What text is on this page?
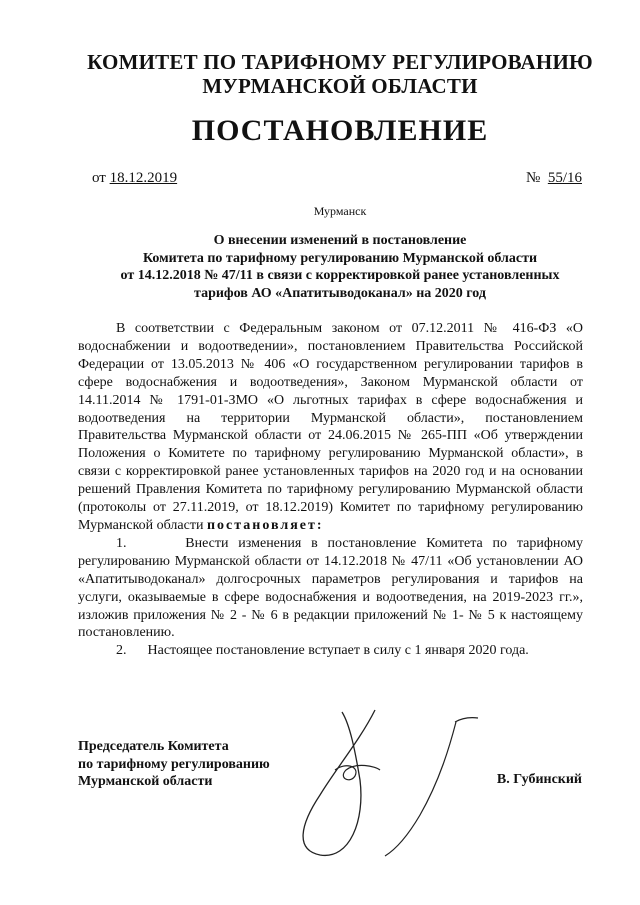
КОМИТЕТ ПО ТАРИФНОМУ РЕГУЛИРОВАНИЮ
МУРМАНСКОЙ ОБЛАСТИ
ПОСТАНОВЛЕНИЕ
от 18.12.2019	№ 55/16
Мурманск
О внесении изменений в постановление
Комитета по тарифному регулированию Мурманской области
от 14.12.2018 № 47/11 в связи с корректировкой ранее установленных
тарифов АО «Апатитыводоканал» на 2020 год

В соответствии с Федеральным законом от 07.12.2011 № 416-ФЗ «О водоснабжении и водоотведении», постановлением Правительства Российской Федерации от 13.05.2013 № 406 «О государственном регулировании тарифов в сфере водоснабжения и водоотведения», Законом Мурманской области от 14.11.2014 № 1791-01-ЗМО «О льготных тарифах в сфере водоснабжения и водоотведения на территории Мурманской области», постановлением Правительства Мурманской области от 24.06.2015 № 265-ПП «Об утверждении Положения о Комитете по тарифному регулированию Мурманской области», в связи с корректировкой ранее установленных тарифов на 2020 год и на основании решений Правления Комитета по тарифному регулированию Мурманской области (протоколы от 27.11.2019, от 18.12.2019) Комитет по тарифному регулированию Мурманской области постановляет:

1.	Внести изменения в постановление Комитета по тарифному регулированию Мурманской области от 14.12.2018 № 47/11 «Об установлении АО «Апатитыводоканал» долгосрочных параметров регулирования и тарифов на услуги, оказываемые в сфере водоснабжения и водоотведения, на 2019-2023 гг.», изложив приложения № 2 - № 6 в редакции приложений № 1- № 5 к настоящему постановлению.

2. Настоящее постановление вступает в силу с 1 января 2020 года.

Председатель Комитета
по тарифному регулированию
Мурманской области	В. Губинский
